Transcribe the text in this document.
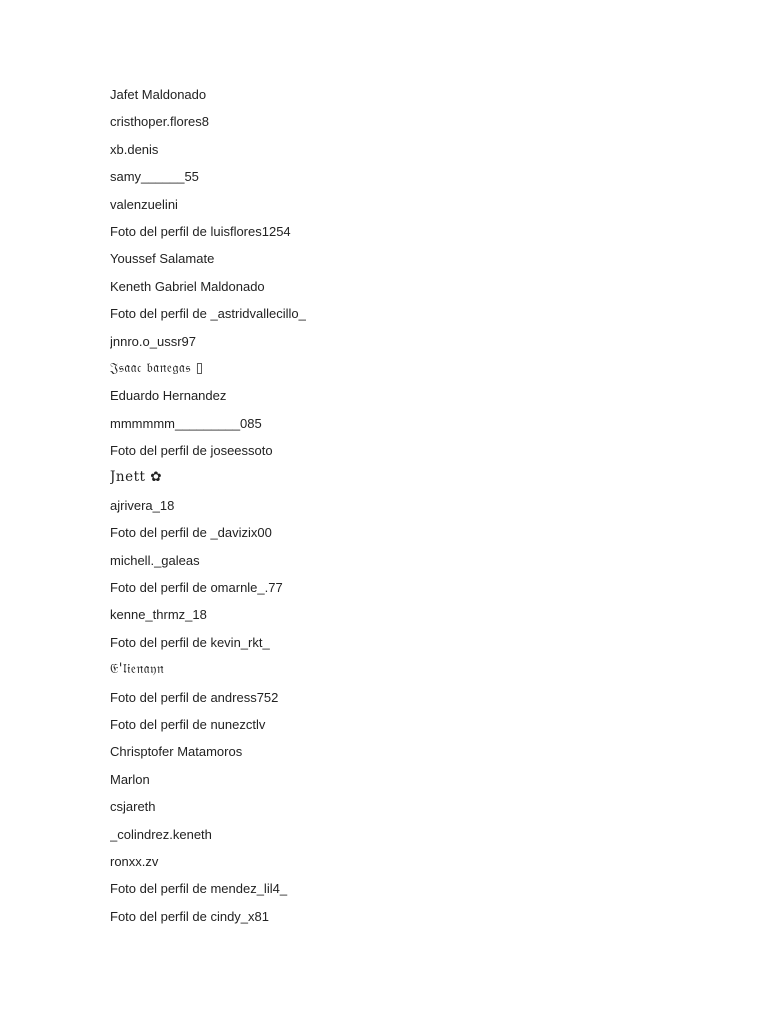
Jafet Maldonado
cristhoper.flores8
xb.denis
samy______55
valenzuelini
Foto del perfil de luisflores1254
Youssef Salamate
Keneth Gabriel Maldonado
Foto del perfil de _astridvallecillo_
jnnro.o_ussr97
𝔍𝔰𝔞𝔞𝔠 𝔟𝔞𝔫𝔢𝔤𝔞𝔰 ▯
Eduardo Hernandez
mmmmmm_________085
Foto del perfil de joseessoto
Jnett ✿
ajrivera_18
Foto del perfil de _davizix00
michell._galeas
Foto del perfil de omarnle_.77
kenne_thrmz_18
Foto del perfil de kevin_rkt_
𝔈'𝔩𝔦𝔢𝔫𝔞𝔶𝔫
Foto del perfil de andress752
Foto del perfil de nunezctlv
Chrisptofer Matamoros
Marlon
csjareth
_colindrez.keneth
ronxx.zv
Foto del perfil de mendez_lil4_
Foto del perfil de cindy_x81
